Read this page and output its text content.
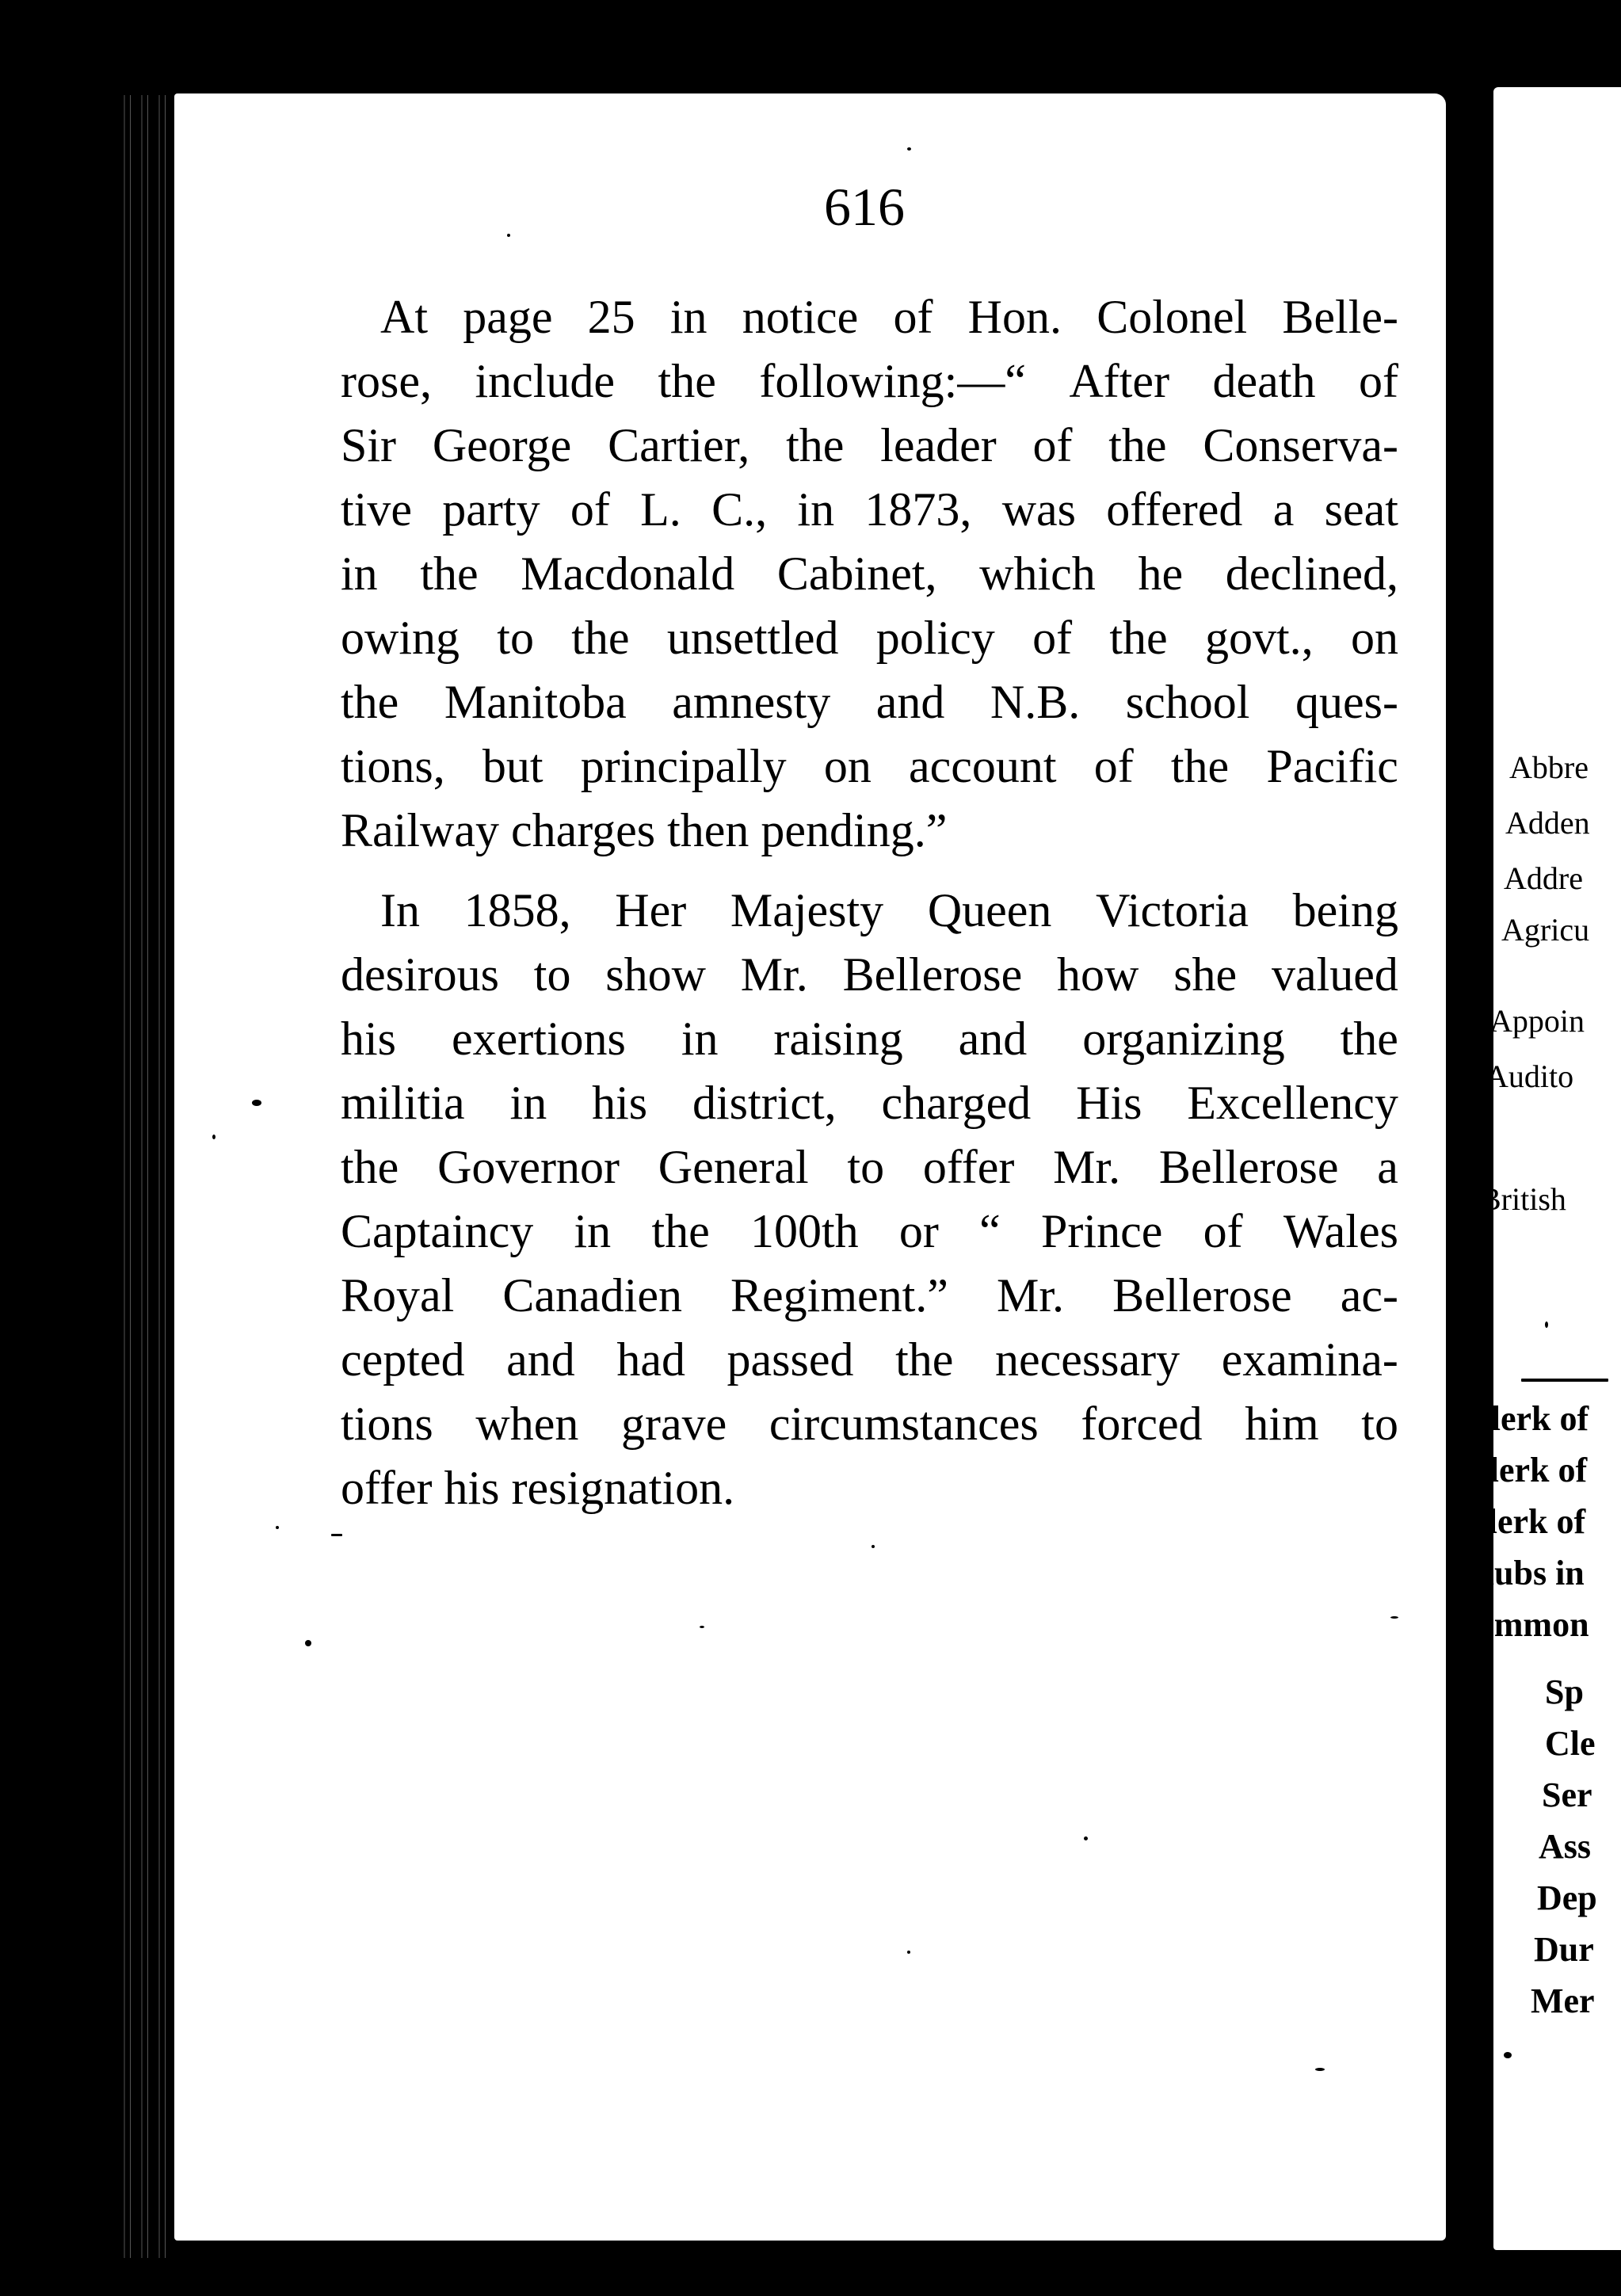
616
At page 25 in notice of Hon. Colonel Belle-
rose, include the following:—“ After death of
Sir George Cartier, the leader of the Conserva-
tive party of L. C., in 1873, was offered a seat
in the Macdonald Cabinet, which he declined,
owing to the unsettled policy of the govt., on
the Manitoba amnesty and N.B. school ques-
tions, but principally on account of the Pacific
Railway charges then pending.”
In 1858, Her Majesty Queen Victoria being
desirous to show Mr. Bellerose how she valued
his exertions in raising and organizing the
militia in his district, charged His Excellency
the Governor General to offer Mr. Bellerose a
Captaincy in the 100th or “ Prince of Wales
Royal Canadien Regiment.” Mr. Bellerose ac-
cepted and had passed the necessary examina-
tions when grave circumstances forced him to
offer his resignation.
Abbre
Adden
Addre
Agricu
Appoin
Audito
British
Clerk of
Clerk of
Clerk of
Clubs in
Common
Sp
Cle
Ser
Ass
Dep
Dur
Mer
